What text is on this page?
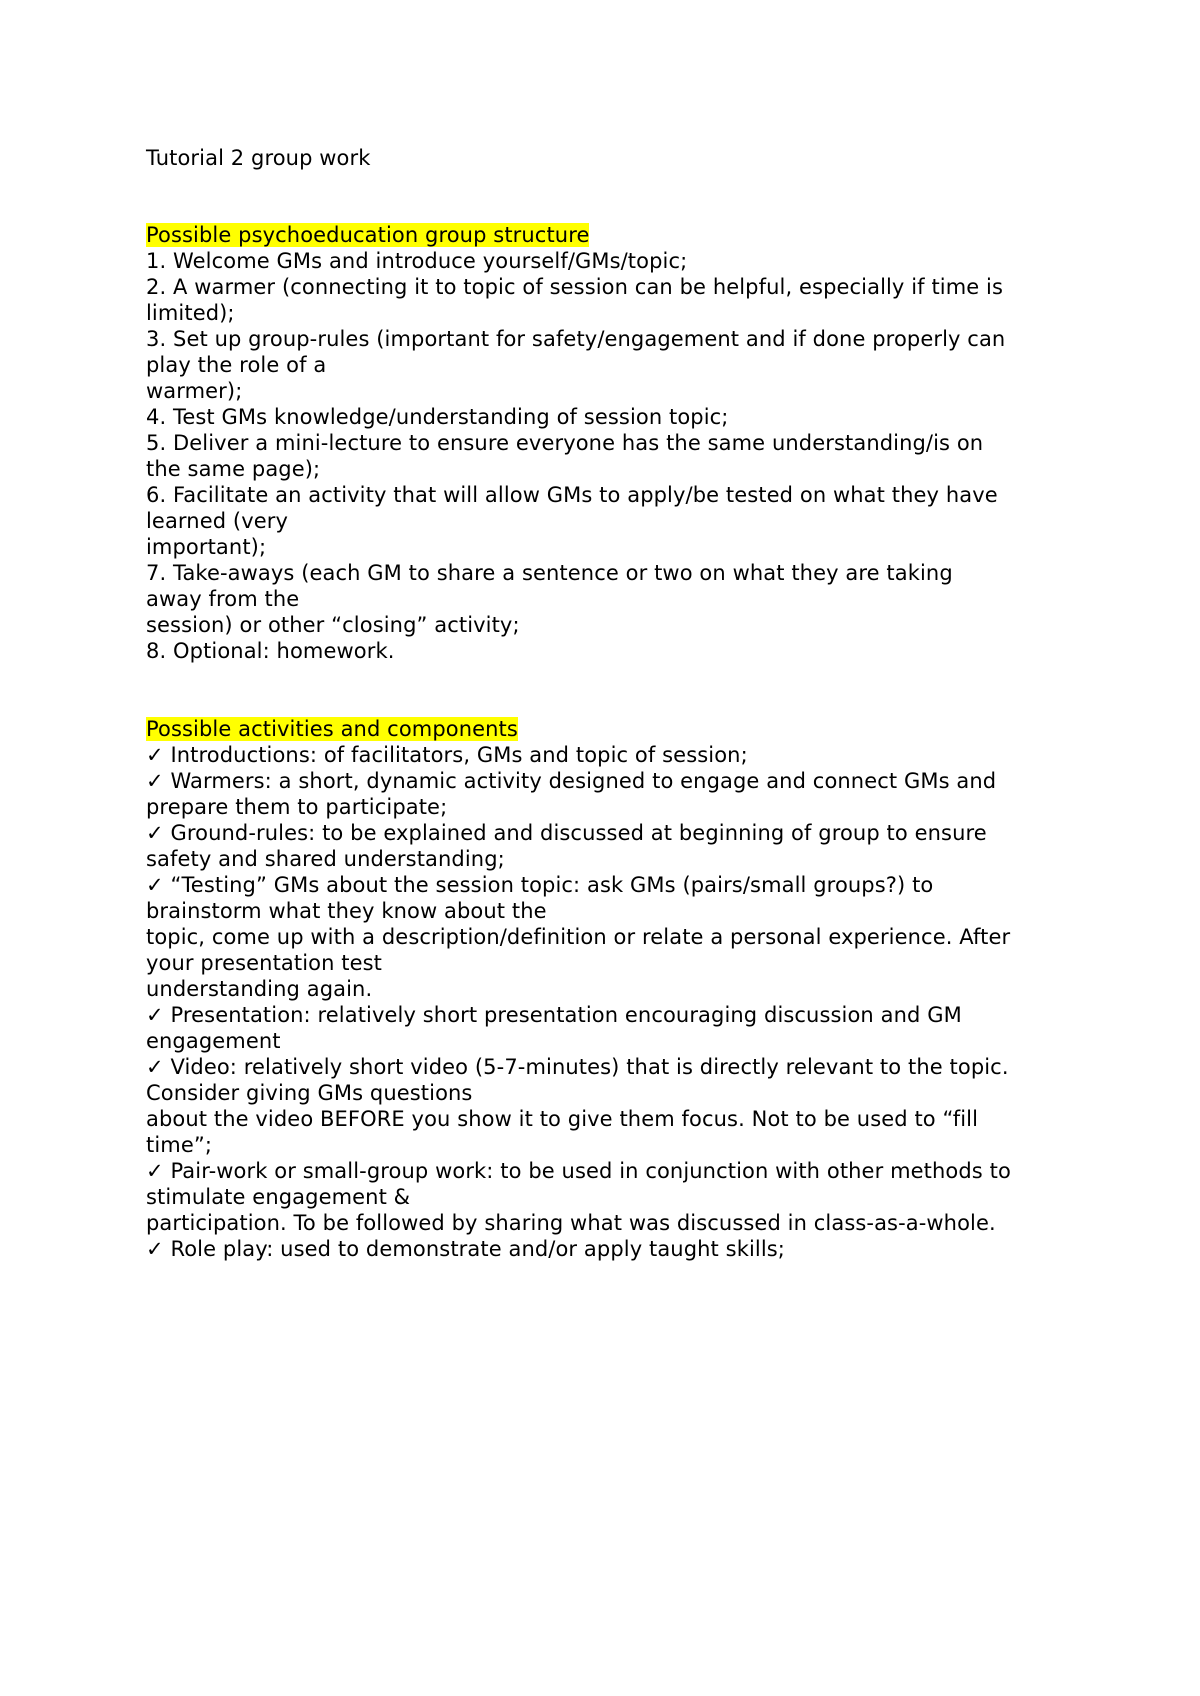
Tutorial 2 group work

Possible psychoeducation group structure

1. Welcome GMs and introduce yourself/GMs/topic;

2. A warmer (connecting it to topic of session can be helpful, especially if time is

limited);

3. Set up group-rules (important for safety/engagement and if done properly can

play the role of a

warmer);

4. Test GMs knowledge/understanding of session topic;

5. Deliver a mini-lecture to ensure everyone has the same understanding/is on

the same page);

6. Facilitate an activity that will allow GMs to apply/be tested on what they have

learned (very

important);

7. Take-aways (each GM to share a sentence or two on what they are taking

away from the

session) or other “closing” activity;

8. Optional: homework.

Possible activities and components

✓ Introductions: of facilitators, GMs and topic of session;

✓ Warmers: a short, dynamic activity designed to engage and connect GMs and

prepare them to participate;

✓ Ground-rules: to be explained and discussed at beginning of group to ensure

safety and shared understanding;

✓ “Testing” GMs about the session topic: ask GMs (pairs/small groups?) to

brainstorm what they know about the

topic, come up with a description/definition or relate a personal experience. After

your presentation test

understanding again.

✓ Presentation: relatively short presentation encouraging discussion and GM

engagement

✓ Video: relatively short video (5-7-minutes) that is directly relevant to the topic.

Consider giving GMs questions

about the video BEFORE you show it to give them focus. Not to be used to “fill

time”;

✓ Pair-work or small-group work: to be used in conjunction with other methods to

stimulate engagement &

participation. To be followed by sharing what was discussed in class-as-a-whole.

✓ Role play: used to demonstrate and/or apply taught skills;
